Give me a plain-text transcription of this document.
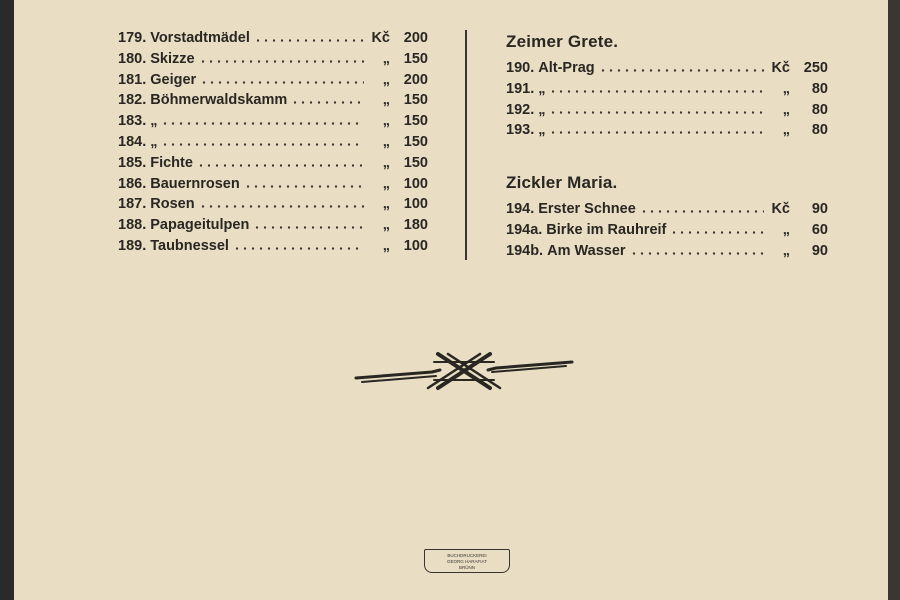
179. Vorstadtmädel	Kč 200
180. Skizze	„ 150
181. Geiger	„ 200
182. Böhmerwaldskamm	„ 150
183. „	„ 150
184. „	„ 150
185. Fichte	„ 150
186. Bauernrosen	„ 100
187. Rosen	„ 100
188. Papageitulpen	„ 180
189. Taubnessel	„ 100
Zeimer Grete.
190. Alt-Prag	Kč 250
191. „	„	80
192. „	„	80
193. „	„	80
Zickler Maria.
194. Erster Schnee	Kč	90
194a. Birke im Rauhreif	„	60
194b. Am Wasser	„	90
BUCHDRUCKEREI
GEORG HARAFIAT
BRÜNN
